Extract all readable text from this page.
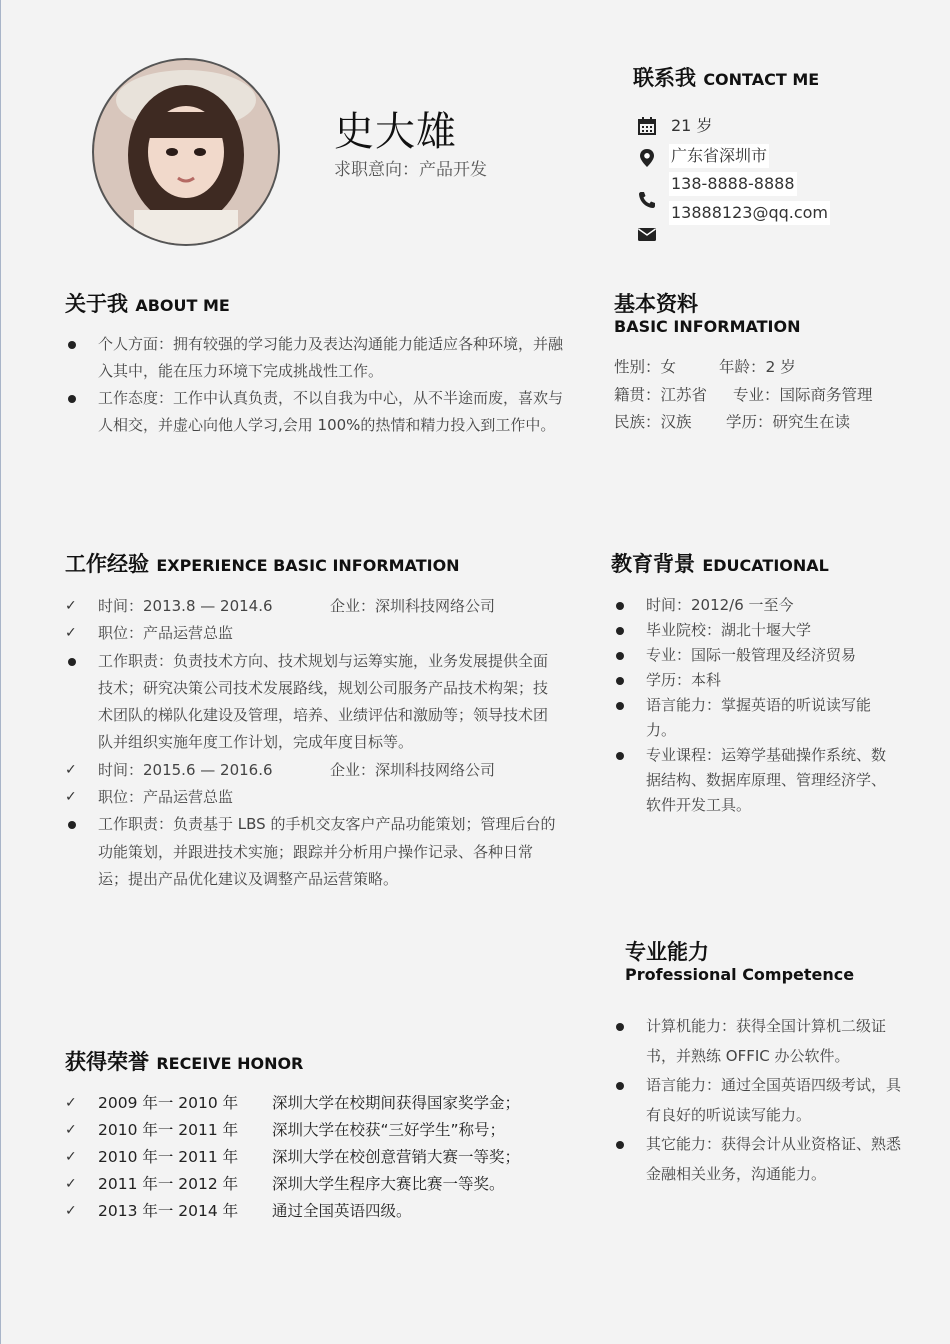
史大雄
求职意向：产品开发
联系我 CONTACT ME
21 岁
广东省深圳市
138-8888-8888
13888123@qq.com
关于我 ABOUT ME
个人方面：拥有较强的学习能力及表达沟通能力能适应各种环境，并融入其中，能在压力环境下完成挑战性工作。
工作态度：工作中认真负责，不以自我为中心，从不半途而废，喜欢与人相交，并虚心向他人学习,会用 100%的热情和精力投入到工作中。
基本资料
BASIC INFORMATION
性别：女	年龄：2 岁
籍贯：江苏省 专业：国际商务管理
民族：汉族 学历：研究生在读
工作经验 EXPERIENCE BASIC INFORMATION
✓ 时间：2013.8 — 2014.6	企业：深圳科技网络公司
✓ 职位：产品运营总监
工作职责：负责技术方向、技术规划与运筹实施，业务发展提供全面技术；研究决策公司技术发展路线，规划公司服务产品技术构架；技术团队的梯队化建设及管理，培养、业绩评估和激励等；领导技术团队并组织实施年度工作计划，完成年度目标等。
✓ 时间：2015.6 — 2016.6	企业：深圳科技网络公司
✓ 职位：产品运营总监
工作职责：负责基于 LBS 的手机交友客户产品功能策划；管理后台的功能策划，并跟进技术实施；跟踪并分析用户操作记录、各种日常运；提出产品优化建议及调整产品运营策略。
教育背景 EDUCATIONAL
时间：2012/6 一至今
毕业院校：湖北十堰大学
专业：国际一般管理及经济贸易
学历：本科
语言能力：掌握英语的听说读写能力。
专业课程：运筹学基础操作系统、数据结构、数据库原理、管理经济学、软件开发工具。
专业能力
Professional Competence
计算机能力：获得全国计算机二级证书，并熟练 OFFIC 办公软件。
语言能力：通过全国英语四级考试，具有良好的听说读写能力。
其它能力：获得会计从业资格证、熟悉金融相关业务，沟通能力。
获得荣誉 RECEIVE HONOR
✓ 2009 年一 2010 年 深圳大学在校期间获得国家奖学金；
✓ 2010 年一 2011 年 深圳大学在校获“三好学生”称号；
✓ 2010 年一 2011 年 深圳大学在校创意营销大赛一等奖；
✓ 2011 年一 2012 年 深圳大学生程序大赛比赛一等奖。
✓ 2013 年一 2014 年 通过全国英语四级。
